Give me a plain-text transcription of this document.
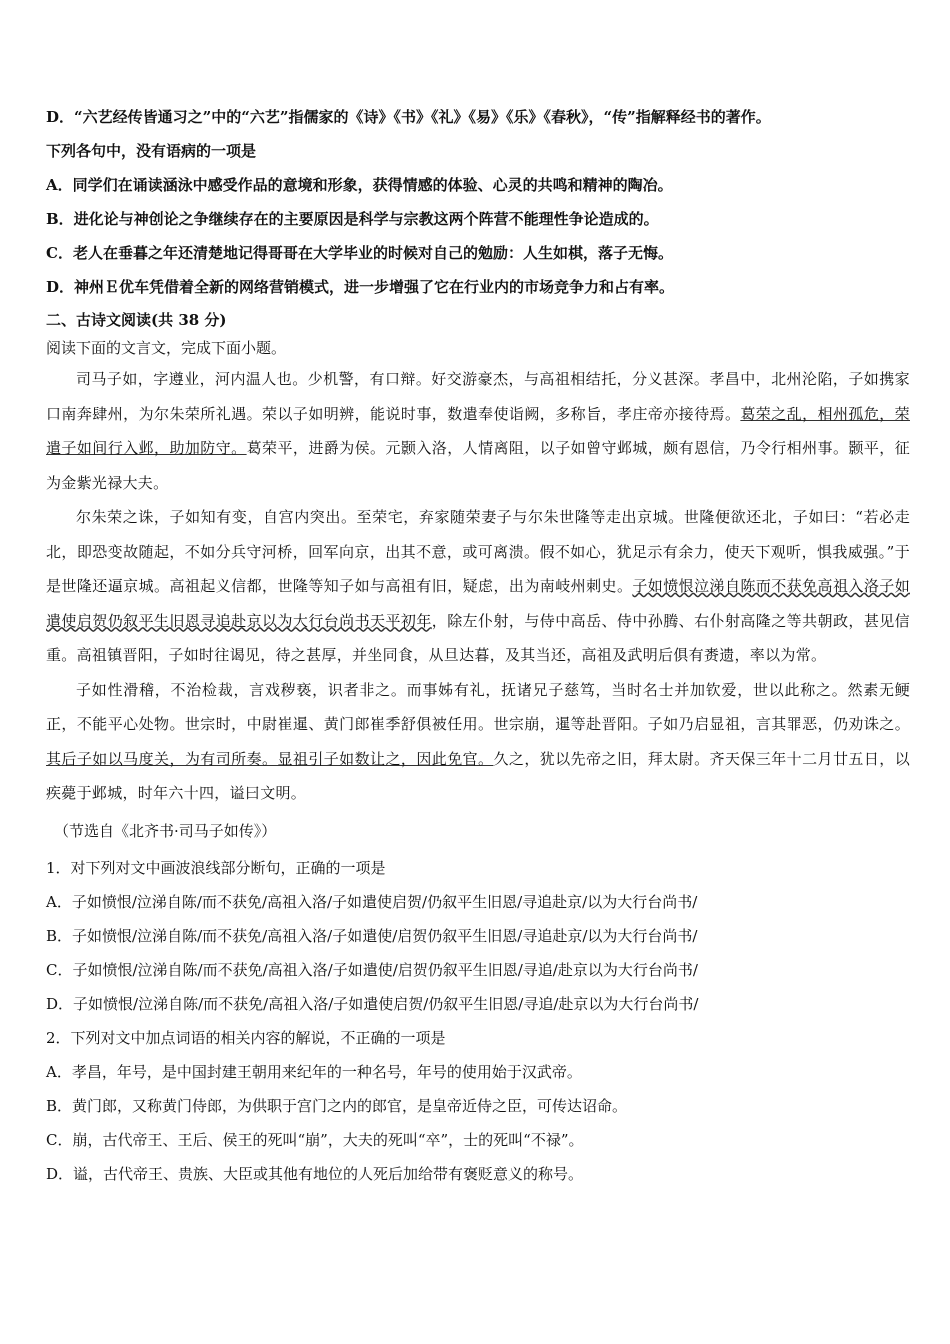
D．“六艺经传皆通习之”中的“六艺”指儒家的《诗》《书》《礼》《易》《乐》《春秋》，“传”指解释经书的著作。
下列各句中，没有语病的一项是
A．同学们在诵读涵泳中感受作品的意境和形象，获得情感的体验、心灵的共鸣和精神的陶冶。
B．进化论与神创论之争继续存在的主要原因是科学与宗教这两个阵营不能理性争论造成的。
C．老人在垂暮之年还清楚地记得哥哥在大学毕业的时候对自己的勉励：人生如棋，落子无悔。
D．神州Ｅ优车凭借着全新的网络营销模式，进一步增强了它在行业内的市场竞争力和占有率。
二、古诗文阅读(共 38 分)
阅读下面的文言文，完成下面小题。
司马子如，字遵业，河内温人也。少机警，有口辩。好交游豪杰，与高祖相结托，分义甚深。孝昌中，北州沦陷，子如携家口南奔肆州，为尔朱荣所礼遇。荣以子如明辨，能说时事，数遣奉使诣阙，多称旨，孝庄帝亦接待焉。葛荣之乱，相州孤危，荣遣子如间行入邺，助加防守。葛荣平，进爵为侯。元颢入洛，人情离阻，以子如曾守邺城，颇有恩信，乃令行相州事。颢平，征为金紫光禄大夫。
尔朱荣之诛，子如知有变，自宫内突出。至荣宅，弃家随荣妻子与尔朱世隆等走出京城。世隆便欲还北，子如曰：“若必走北，即恐变故随起，不如分兵守河桥，回军向京，出其不意，或可离溃。假不如心，犹足示有余力，使天下观听，惧我威强。”于是世隆还逼京城。高祖起义信都，世隆等知子如与高祖有旧，疑虑，出为南岐州刺史。子如愤恨泣涕自陈而不获免高祖入洛子如遣使启贺仍叙平生旧恩寻追赴京以为大行台尚书天平初年，除左仆射，与侍中高岳、侍中孙腾、右仆射高隆之等共朝政，甚见信重。高祖镇晋阳，子如时往谒见，待之甚厚，并坐同食，从旦达暮，及其当还，高祖及武明后俱有赉遗，率以为常。
子如性滑稽，不治检裁，言戏秽亵，识者非之。而事姊有礼，抚诸兄子慈笃，当时名士并加钦爱，世以此称之。然素无鲠正，不能平心处物。世宗时，中尉崔暹、黄门郎崔季舒俱被任用。世宗崩，暹等赴晋阳。子如乃启显祖，言其罪恶，仍劝诛之。其后子如以马度关，为有司所奏。显祖引子如数让之，因此免官。久之，犹以先帝之旧，拜太尉。齐天保三年十二月廿五日，以疾薨于邺城，时年六十四，谥曰文明。
（节选自《北齐书·司马子如传》）
1．对下列对文中画波浪线部分断句，正确的一项是
A．子如愤恨/泣涕自陈/而不获免/高祖入洛/子如遣使启贺/仍叙平生旧恩/寻追赴京/以为大行台尚书/
B．子如愤恨/泣涕自陈/而不获免/高祖入洛/子如遣使/启贺仍叙平生旧恩/寻追赴京/以为大行台尚书/
C．子如愤恨/泣涕自陈/而不获免/高祖入洛/子如遣使/启贺仍叙平生旧恩/寻追/赴京以为大行台尚书/
D．子如愤恨/泣涕自陈/而不获免/高祖入洛/子如遣使启贺/仍叙平生旧恩/寻追/赴京以为大行台尚书/
2．下列对文中加点词语的相关内容的解说，不正确的一项是
A．孝昌，年号，是中国封建王朝用来纪年的一种名号，年号的使用始于汉武帝。
B．黄门郎，又称黄门侍郎，为供职于宫门之内的郎官，是皇帝近侍之臣，可传达诏命。
C．崩，古代帝王、王后、侯王的死叫“崩”，大夫的死叫“卒”，士的死叫“不禄”。
D．谥，古代帝王、贵族、大臣或其他有地位的人死后加给带有褒贬意义的称号。
